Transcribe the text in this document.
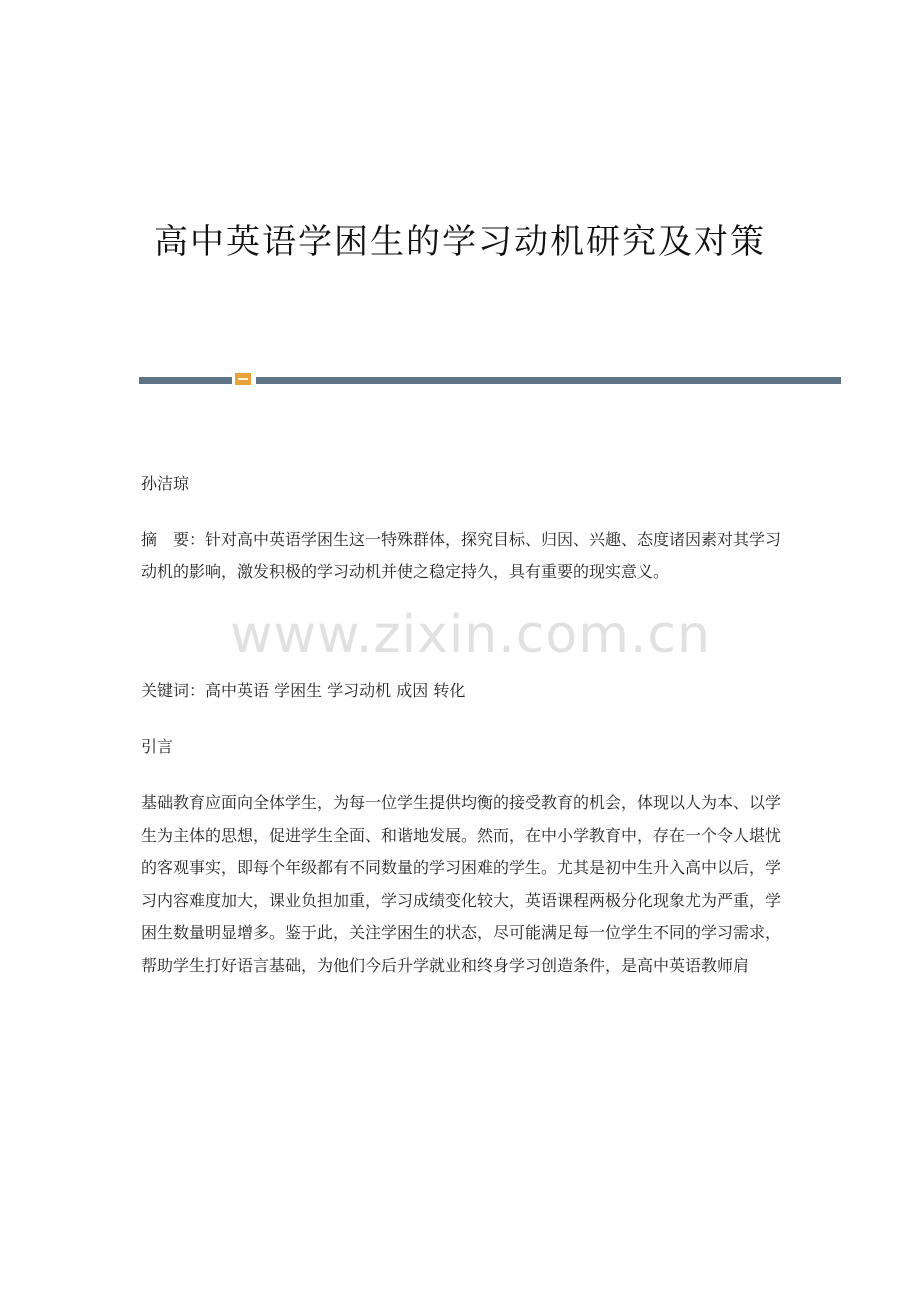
高中英语学困生的学习动机研究及对策
孙洁琼
摘　要：针对高中英语学困生这一特殊群体，探究目标、归因、兴趣、态度诸因素对其学习动机的影响，激发积极的学习动机并使之稳定持久，具有重要的现实意义。
www.zixin.com.cn
关键词：高中英语 学困生 学习动机 成因 转化
引言
基础教育应面向全体学生，为每一位学生提供均衡的接受教育的机会，体现以人为本、以学生为主体的思想，促进学生全面、和谐地发展。然而，在中小学教育中，存在一个令人堪忧的客观事实，即每个年级都有不同数量的学习困难的学生。尤其是初中生升入高中以后，学习内容难度加大，课业负担加重，学习成绩变化较大，英语课程两极分化现象尤为严重，学困生数量明显增多。鉴于此，关注学困生的状态，尽可能满足每一位学生不同的学习需求，帮助学生打好语言基础，为他们今后升学就业和终身学习创造条件，是高中英语教师肩
